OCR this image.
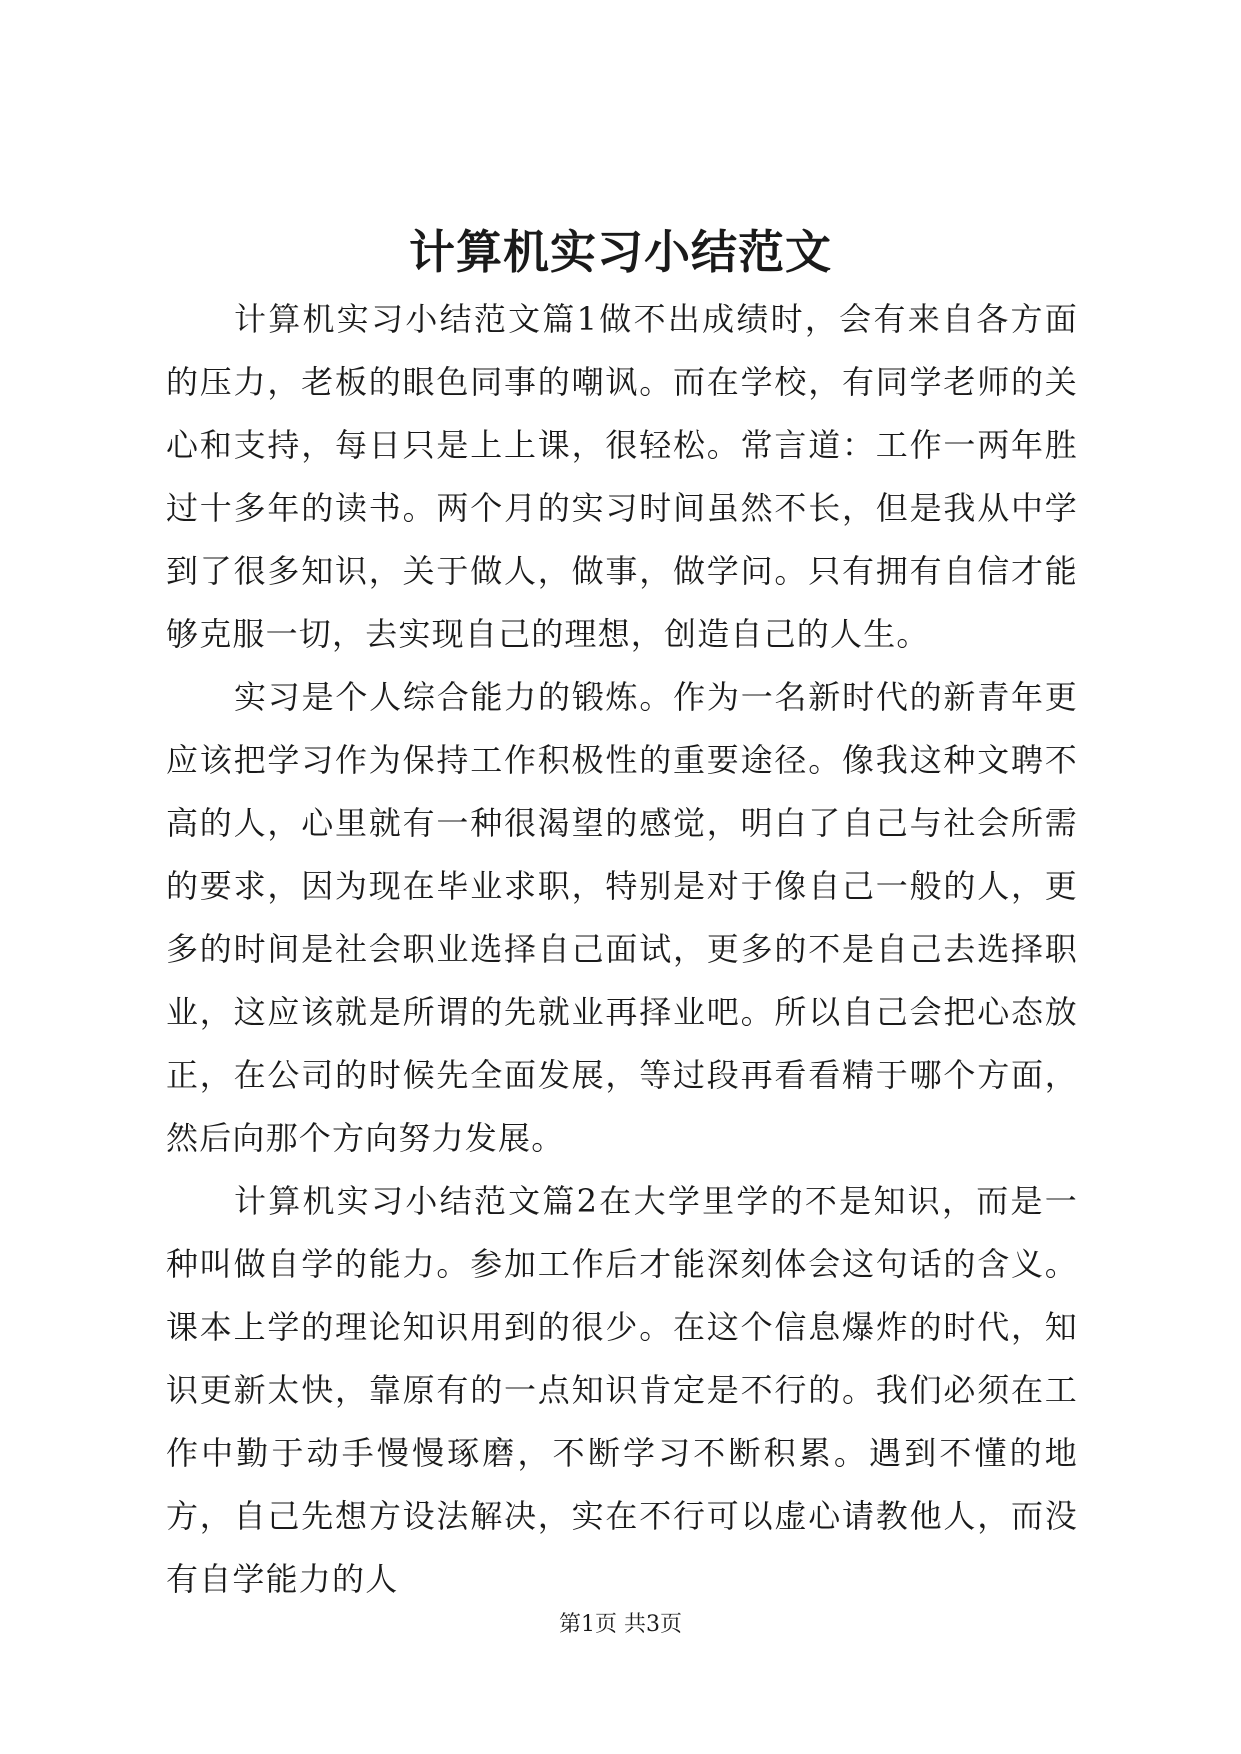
计算机实习小结范文

计算机实习小结范文篇1做不出成绩时，会有来自各方面的压力，老板的眼色同事的嘲讽。而在学校，有同学老师的关心和支持，每日只是上上课，很轻松。常言道：工作一两年胜过十多年的读书。两个月的实习时间虽然不长，但是我从中学到了很多知识，关于做人，做事，做学问。只有拥有自信才能够克服一切，去实现自己的理想，创造自己的人生。

实习是个人综合能力的锻炼。作为一名新时代的新青年更应该把学习作为保持工作积极性的重要途径。像我这种文聘不高的人，心里就有一种很渴望的感觉，明白了自己与社会所需的要求，因为现在毕业求职，特别是对于像自己一般的人，更多的时间是社会职业选择自己面试，更多的不是自己去选择职业，这应该就是所谓的先就业再择业吧。所以自己会把心态放正，在公司的时候先全面发展，等过段再看看精于哪个方面，然后向那个方向努力发展。

计算机实习小结范文篇2在大学里学的不是知识，而是一种叫做自学的能力。参加工作后才能深刻体会这句话的含义。课本上学的理论知识用到的很少。在这个信息爆炸的时代，知识更新太快，靠原有的一点知识肯定是不行的。我们必须在工作中勤于动手慢慢琢磨，不断学习不断积累。遇到不懂的地方，自己先想方设法解决，实在不行可以虚心请教他人，而没有自学能力的人

第1页 共3页
